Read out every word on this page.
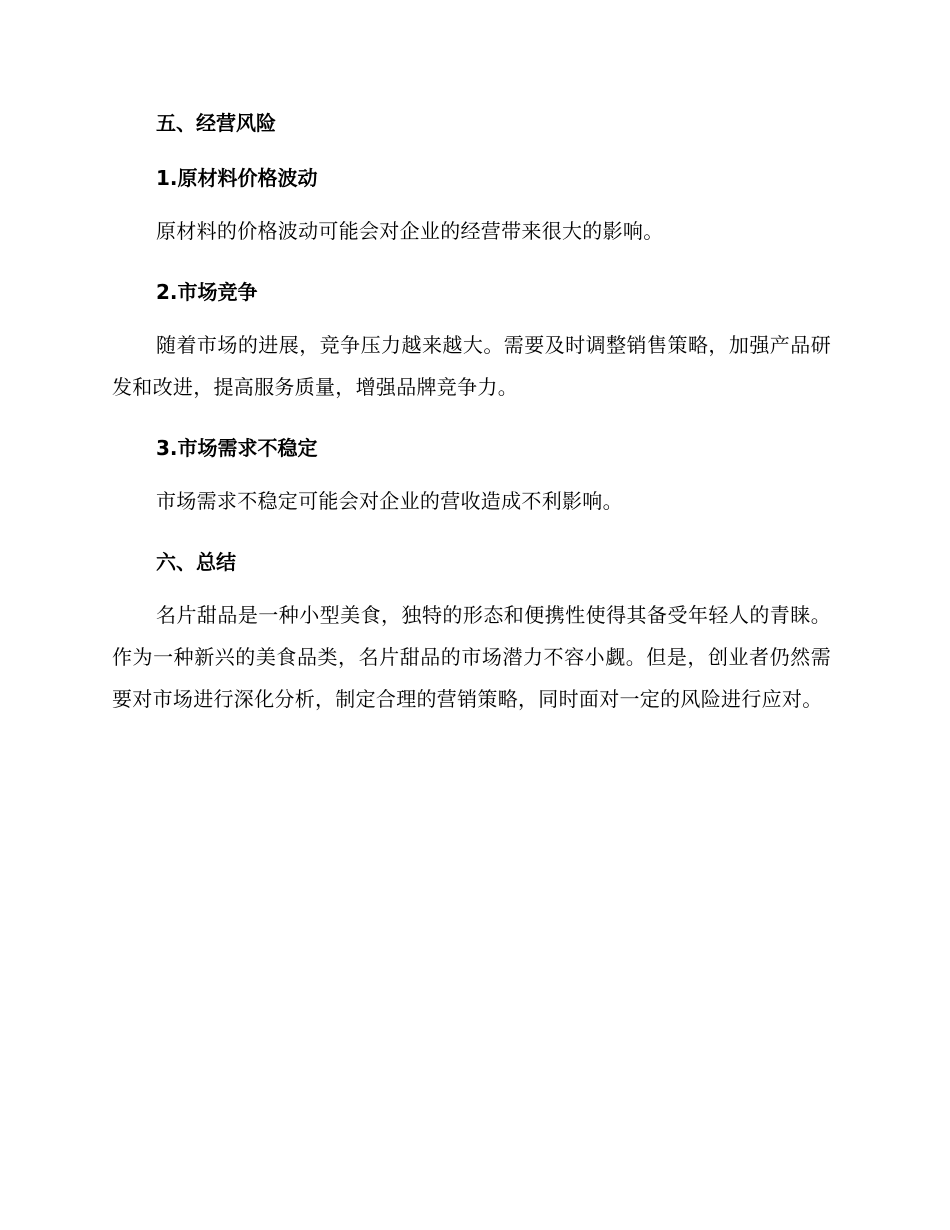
五、经营风险
1.原材料价格波动

原材料的价格波动可能会对企业的经营带来很大的影响。

2.市场竞争

随着市场的进展，竞争压力越来越大。需要及时调整销售策略，加强产品研发和改进，提高服务质量，增强品牌竞争力。

3.市场需求不稳定

市场需求不稳定可能会对企业的营收造成不利影响。

六、总结

名片甜品是一种小型美食，独特的形态和便携性使得其备受年轻人的青睐。作为一种新兴的美食品类，名片甜品的市场潜力不容小觑。但是，创业者仍然需要对市场进行深化分析，制定合理的营销策略，同时面对一定的风险进行应对。
